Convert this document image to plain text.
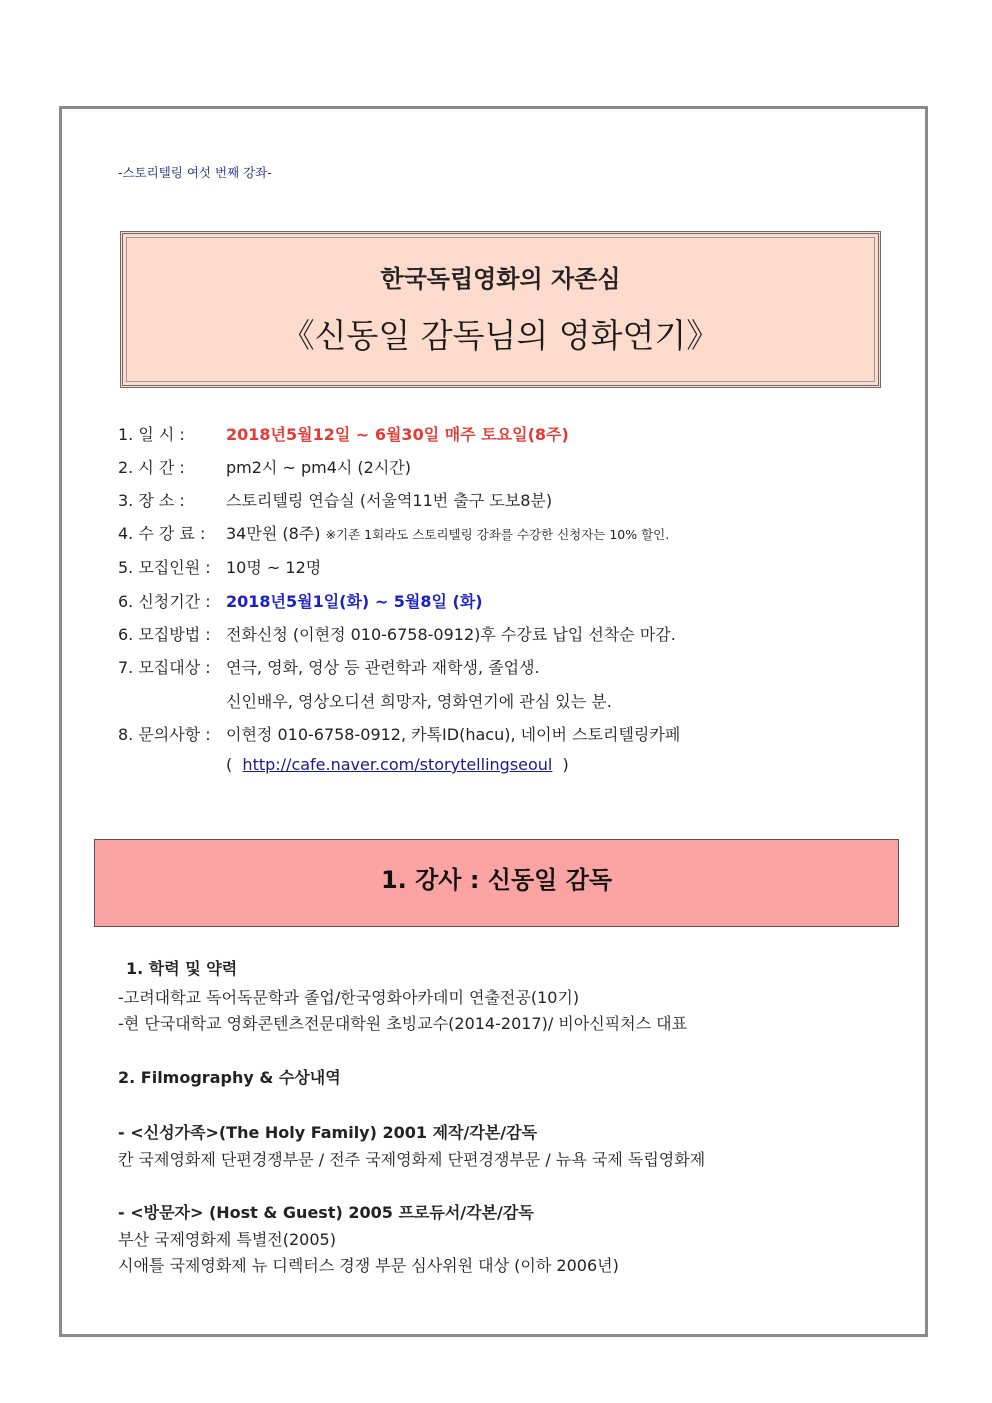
-스토리텔링 여섯 번째 강좌-
한국독립영화의 자존심
《신동일 감독님의 영화연기》
1. 일 시 :	2018년5월12일 ~ 6월30일 매주 토요일(8주)
2. 시 간 :	pm2시 ~ pm4시 (2시간)
3. 장 소 :	스토리텔링 연습실 (서울역11번 출구 도보8분)
4. 수 강 료 : 34만원 (8주) ※기존 1회라도 스토리텔링 강좌를 수강한 신청자는 10% 할인.
5. 모집인원 : 10명 ~ 12명
6. 신청기간 : 2018년5월1일(화) ~ 5월8일 (화)
6. 모집방법 : 전화신청 (이현정 010-6758-0912)후 수강료 납입 선착순 마감.
7. 모집대상 : 연극, 영화, 영상 등 관련학과 재학생, 졸업생.
신인배우, 영상오디션 희망자, 영화연기에 관심 있는 분.
8. 문의사항 : 이현정 010-6758-0912, 카톡ID(hacu), 네이버 스토리텔링카페
( http://cafe.naver.com/storytellingseoul )
1. 강사 : 신동일 감독
1. 학력 및 약력
-고려대학교 독어독문학과 졸업/한국영화아카데미 연출전공(10기)
-현 단국대학교 영화콘텐츠전문대학원 초빙교수(2014-2017)/ 비아신픽처스 대표
2. Filmography & 수상내역
- <신성가족>(The Holy Family) 2001 제작/각본/감독
칸 국제영화제 단편경쟁부문 / 전주 국제영화제 단편경쟁부문 / 뉴욕 국제 독립영화제
- <방문자> (Host & Guest) 2005 프로듀서/각본/감독
부산 국제영화제 특별전(2005)
시애틀 국제영화제 뉴 디렉터스 경쟁 부문 심사위원 대상 (이하 2006년)
